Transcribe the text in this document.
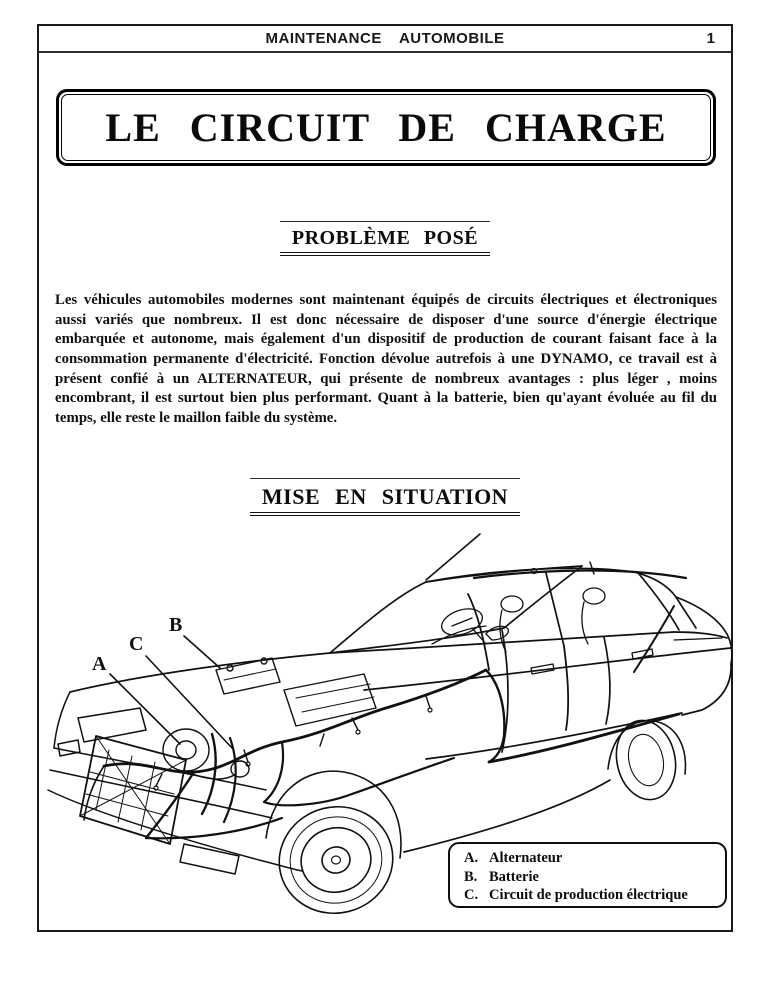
MAINTENANCE AUTOMOBILE	1
LE CIRCUIT DE CHARGE
PROBLÈME POSÉ
Les véhicules automobiles modernes sont maintenant équipés de circuits électriques et électroniques aussi variés que nombreux. Il est donc nécessaire de disposer d'une source d'énergie électrique embarquée et autonome, mais également d'un dispositif de production de courant faisant face à la consommation permanente d'électricité. Fonction dévolue autrefois à une DYNAMO, ce travail est à présent confié à un ALTERNATEUR, qui présente de nombreux avantages : plus léger , moins encombrant, il est surtout bien plus performant. Quant à la batterie, bien qu'ayant évoluée au fil du temps, elle reste le maillon faible du système.
MISE EN SITUATION
A
C
B
A. Alternateur
B. Batterie
C. Circuit de production électrique
